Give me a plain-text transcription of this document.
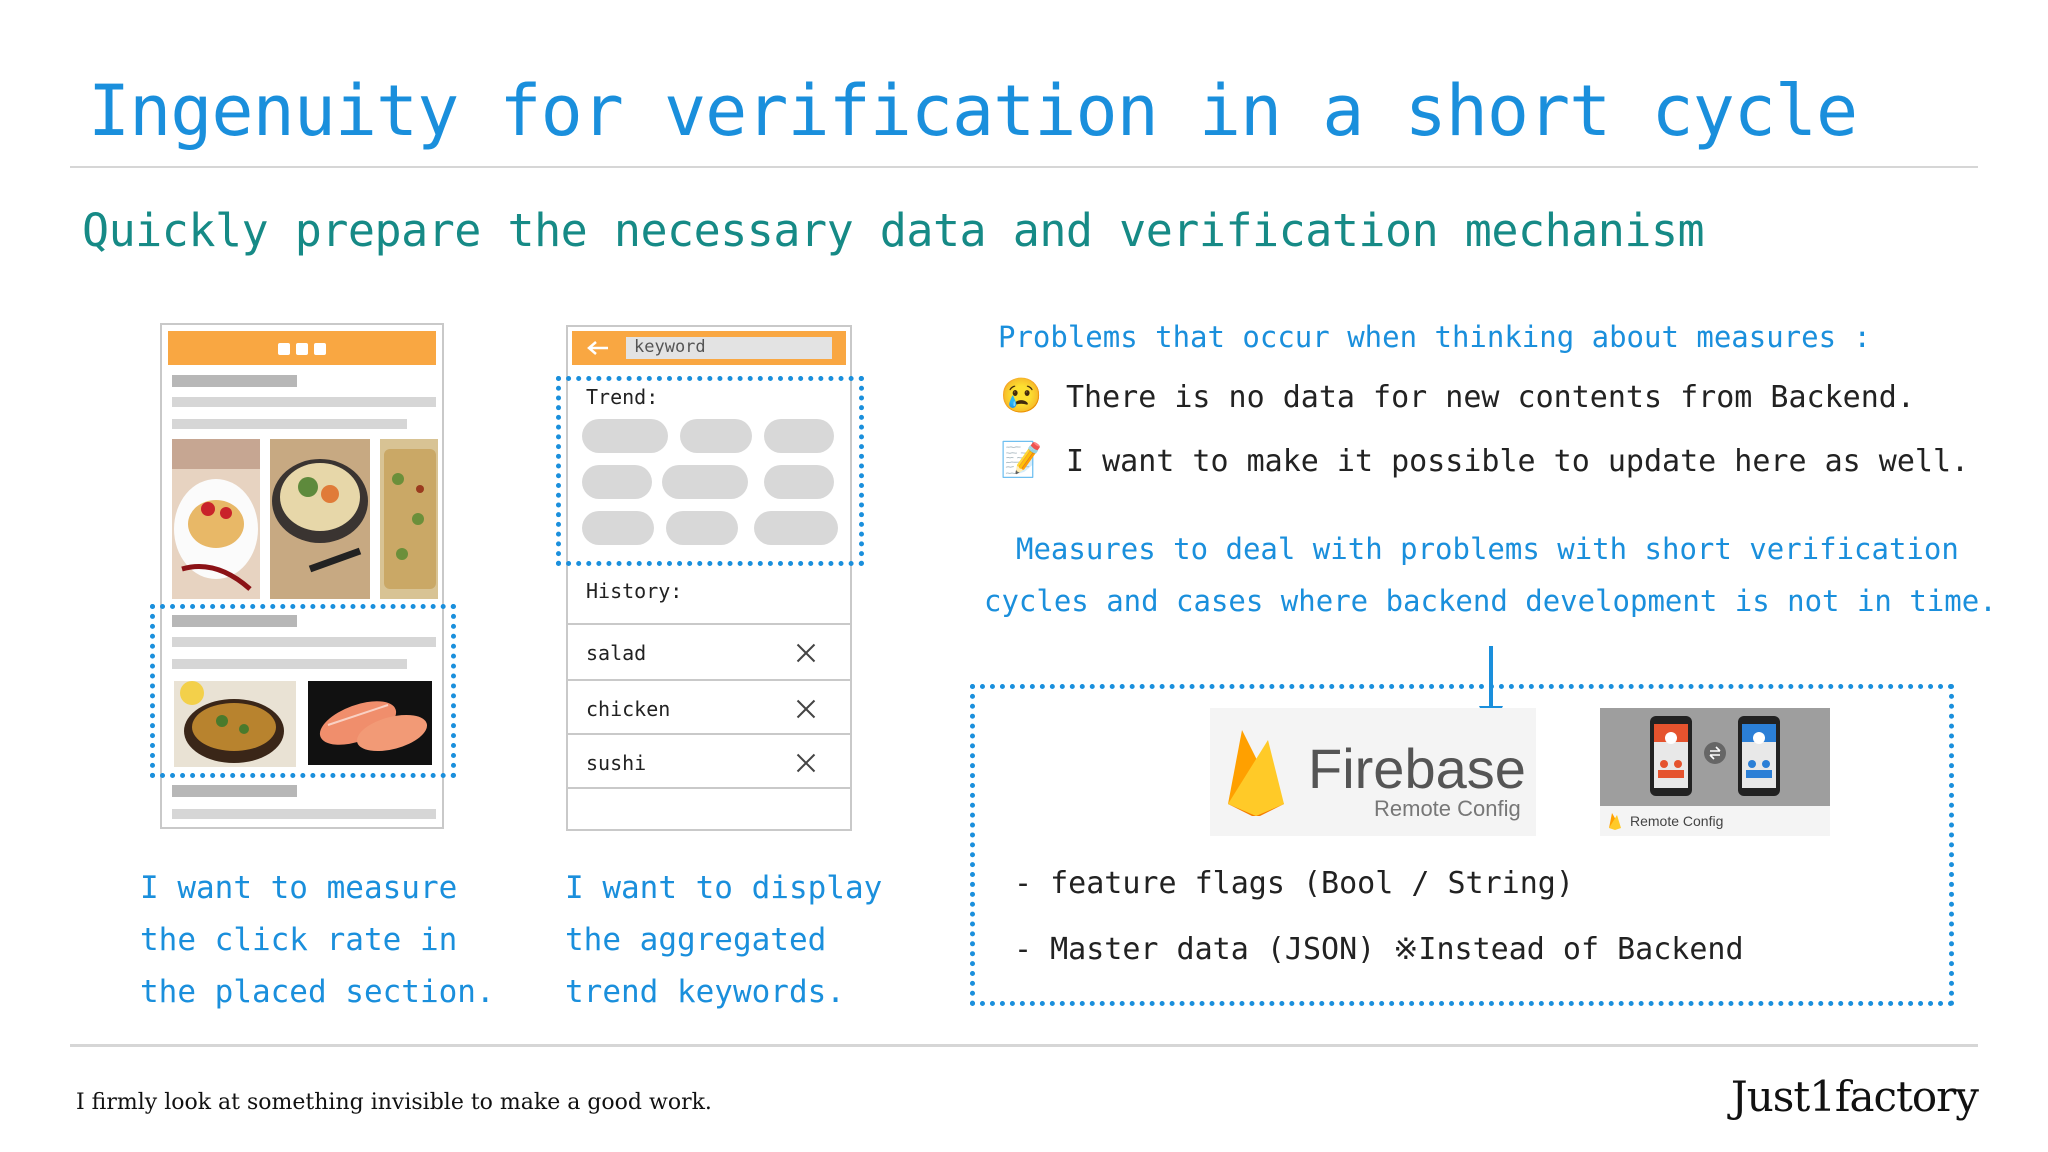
Ingenuity for verification in a short cycle
Quickly prepare the necessary data and verification mechanism
I want to measure
the click rate in
the placed section.
keyword
Trend:
History:
salad
chicken
sushi
I want to display
the aggregated
trend keywords.
Problems that occur when thinking about measures :
😢 There is no data for new contents from Backend.
📝 I want to make it possible to update here as well.
Measures to deal with problems with short verification
cycles and cases where backend development is not in time.
Firebase
Remote Config	Remote Config
- feature flags (Bool / String)
- Master data (JSON) ※Instead of Backend
I firmly look at something invisible to make a good work.	Just1factory
